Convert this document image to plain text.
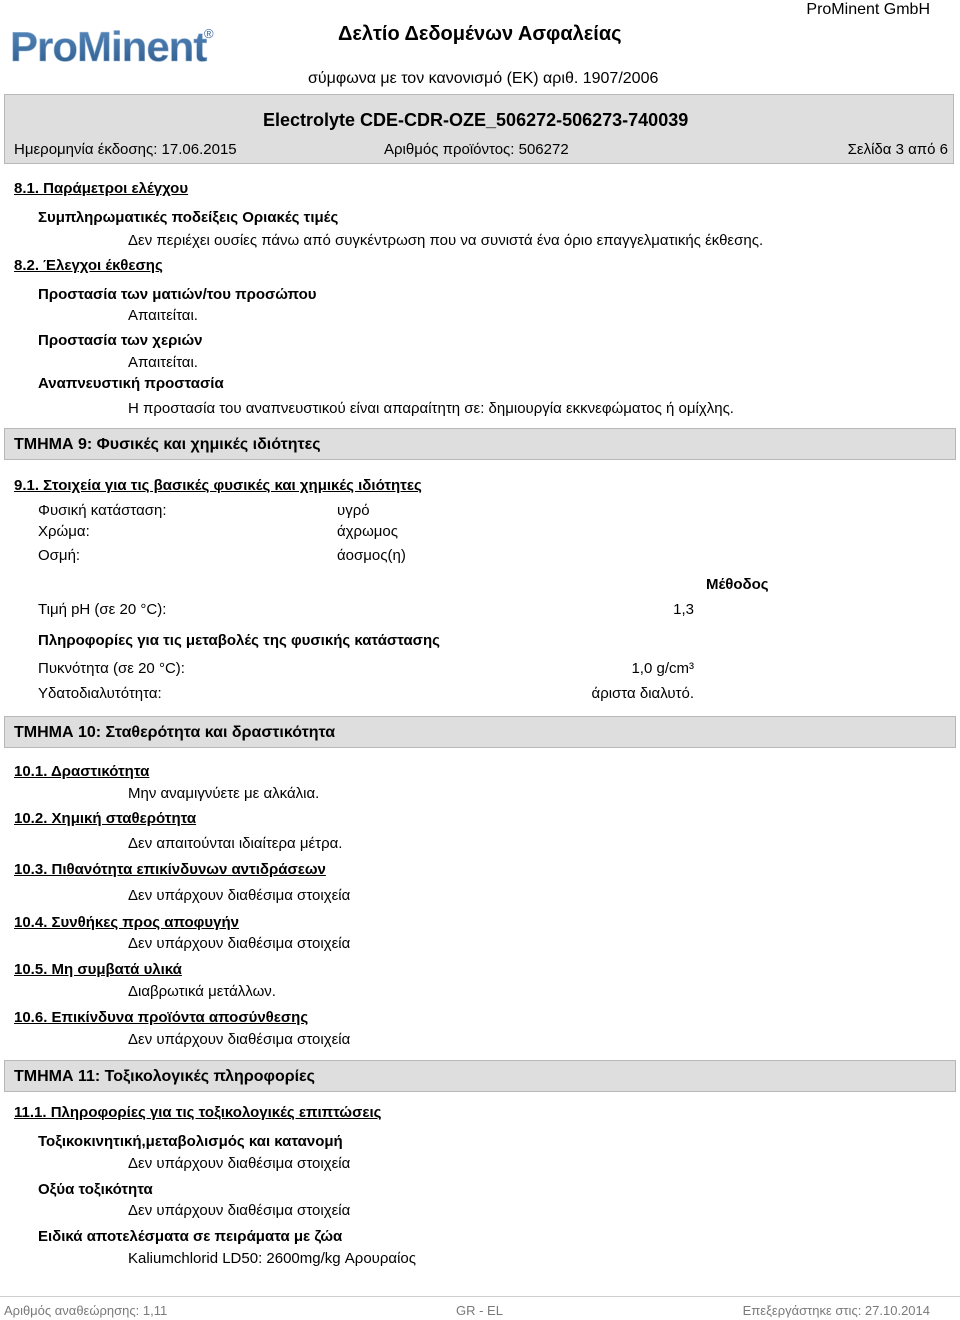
ProMinent
®	Δελτίο Δεδομένων Ασφαλείας
ProMinent GmbH
σύμφωνα με τον κανονισμό (ΕΚ) αριθ. 1907/2006
Electrolyte CDE-CDR-OZE_506272-506273-740039
Ημερομηνία έκδοσης: 17.06.2015	Αριθμός προϊόντος: 506272	Σελίδα 3 από 6
8.1. Παράμετροι ελέγχου
Συμπληρωματικές ποδείξεις Οριακές τιμές
Δεν περιέχει ουσίες πάνω από συγκέντρωση που να συνιστά ένα όριο επαγγελματικής έκθεσης.
8.2. Έλεγχοι έκθεσης
Προστασία των ματιών/του προσώπου
Απαιτείται.
Προστασία των χεριών
Απαιτείται.
Αναπνευστική προστασία
Η προστασία του αναπνευστικού είναι απαραίτητη σε: δημιουργία εκκνεφώματος ή ομίχλης.
ΤΜΗΜΑ 9: Φυσικές και χημικές ιδιότητες
9.1. Στοιχεία για τις βασικές φυσικές και χημικές ιδιότητες
Φυσική κατάσταση:	υγρό
Χρώμα:	άχρωμος
Οσμή:	άοσμος(η)
Μέθοδος
Τιμή pH (σε 20 °C):	1,3
Πληροφορίες για τις μεταβολές της φυσικής κατάστασης
Πυκνότητα (σε 20 °C):	1,0 g/cm³
Υδατοδιαλυτότητα:	άριστα διαλυτό.
ΤΜΗΜΑ 10: Σταθερότητα και δραστικότητα
10.1. Δραστικότητα
Μην αναμιγνύετε με αλκάλια.
10.2. Χημική σταθερότητα
Δεν απαιτούνται ιδιαίτερα μέτρα.
10.3. Πιθανότητα επικίνδυνων αντιδράσεων
Δεν υπάρχουν διαθέσιμα στοιχεία
10.4. Συνθήκες προς αποφυγήν
Δεν υπάρχουν διαθέσιμα στοιχεία
10.5. Μη συμβατά υλικά
Διαβρωτικά μετάλλων.
10.6. Επικίνδυνα προϊόντα αποσύνθεσης
Δεν υπάρχουν διαθέσιμα στοιχεία
ΤΜΗΜΑ 11: Τοξικολογικές πληροφορίες
11.1. Πληροφορίες για τις τοξικολογικές επιπτώσεις
Τοξικοκινητική,μεταβολισμός και κατανομή
Δεν υπάρχουν διαθέσιμα στοιχεία
Οξύα τοξικότητα
Δεν υπάρχουν διαθέσιμα στοιχεία
Ειδικά αποτελέσματα σε πειράματα με ζώα
Kaliumchlorid LD50: 2600mg/kg Αρουραίος
Αριθμός αναθεώρησης: 1,11	GR - EL	Επεξεργάστηκε στις: 27.10.2014
